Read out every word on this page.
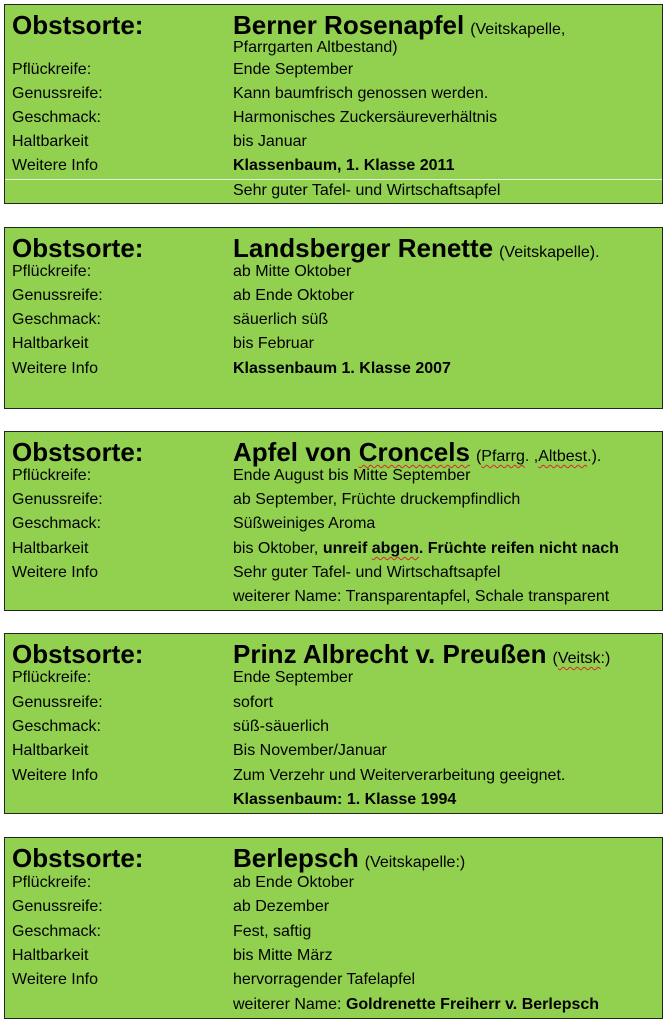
Obstsorte:	Berner Rosenapfel (Veitskapelle,
Pfarrgarten Altbestand)
Pflückreife:	Ende September
Genussreife:	Kann baumfrisch genossen werden.
Geschmack:	Harmonisches Zuckersäureverhältnis
Haltbarkeit	bis Januar
Weitere Info	Klassenbaum, 1. Klasse 2011
Sehr guter Tafel- und Wirtschaftsapfel
Obstsorte:	Landsberger Renette (Veitskapelle).
Pflückreife:	ab Mitte Oktober
Genussreife:	ab Ende Oktober
Geschmack:	säuerlich süß
Haltbarkeit	bis Februar
Weitere Info	Klassenbaum 1. Klasse 2007
Obstsorte:	Apfel von Croncels (Pfarrg. ,Altbest.).
Pflückreife:	Ende August bis Mitte September
Genussreife:	ab September, Früchte druckempfindlich
Geschmack:	Süßweiniges Aroma
Haltbarkeit	bis Oktober, unreif abgen. Früchte reifen nicht nach
Weitere Info	Sehr guter Tafel- und Wirtschaftsapfel
weiterer Name: Transparentapfel, Schale transparent
Obstsorte:	Prinz Albrecht v. Preußen (Veitsk:)
Pflückreife:	Ende September
Genussreife:	sofort
Geschmack:	süß-säuerlich
Haltbarkeit	Bis November/Januar
Weitere Info	Zum Verzehr und Weiterverarbeitung geeignet.
Klassenbaum: 1. Klasse 1994
Obstsorte:	Berlepsch (Veitskapelle:)
Pflückreife:	ab Ende Oktober
Genussreife:	ab Dezember
Geschmack:	Fest, saftig
Haltbarkeit	bis Mitte März
Weitere Info	hervorragender Tafelapfel
weiterer Name: Goldrenette Freiherr v. Berlepsch
